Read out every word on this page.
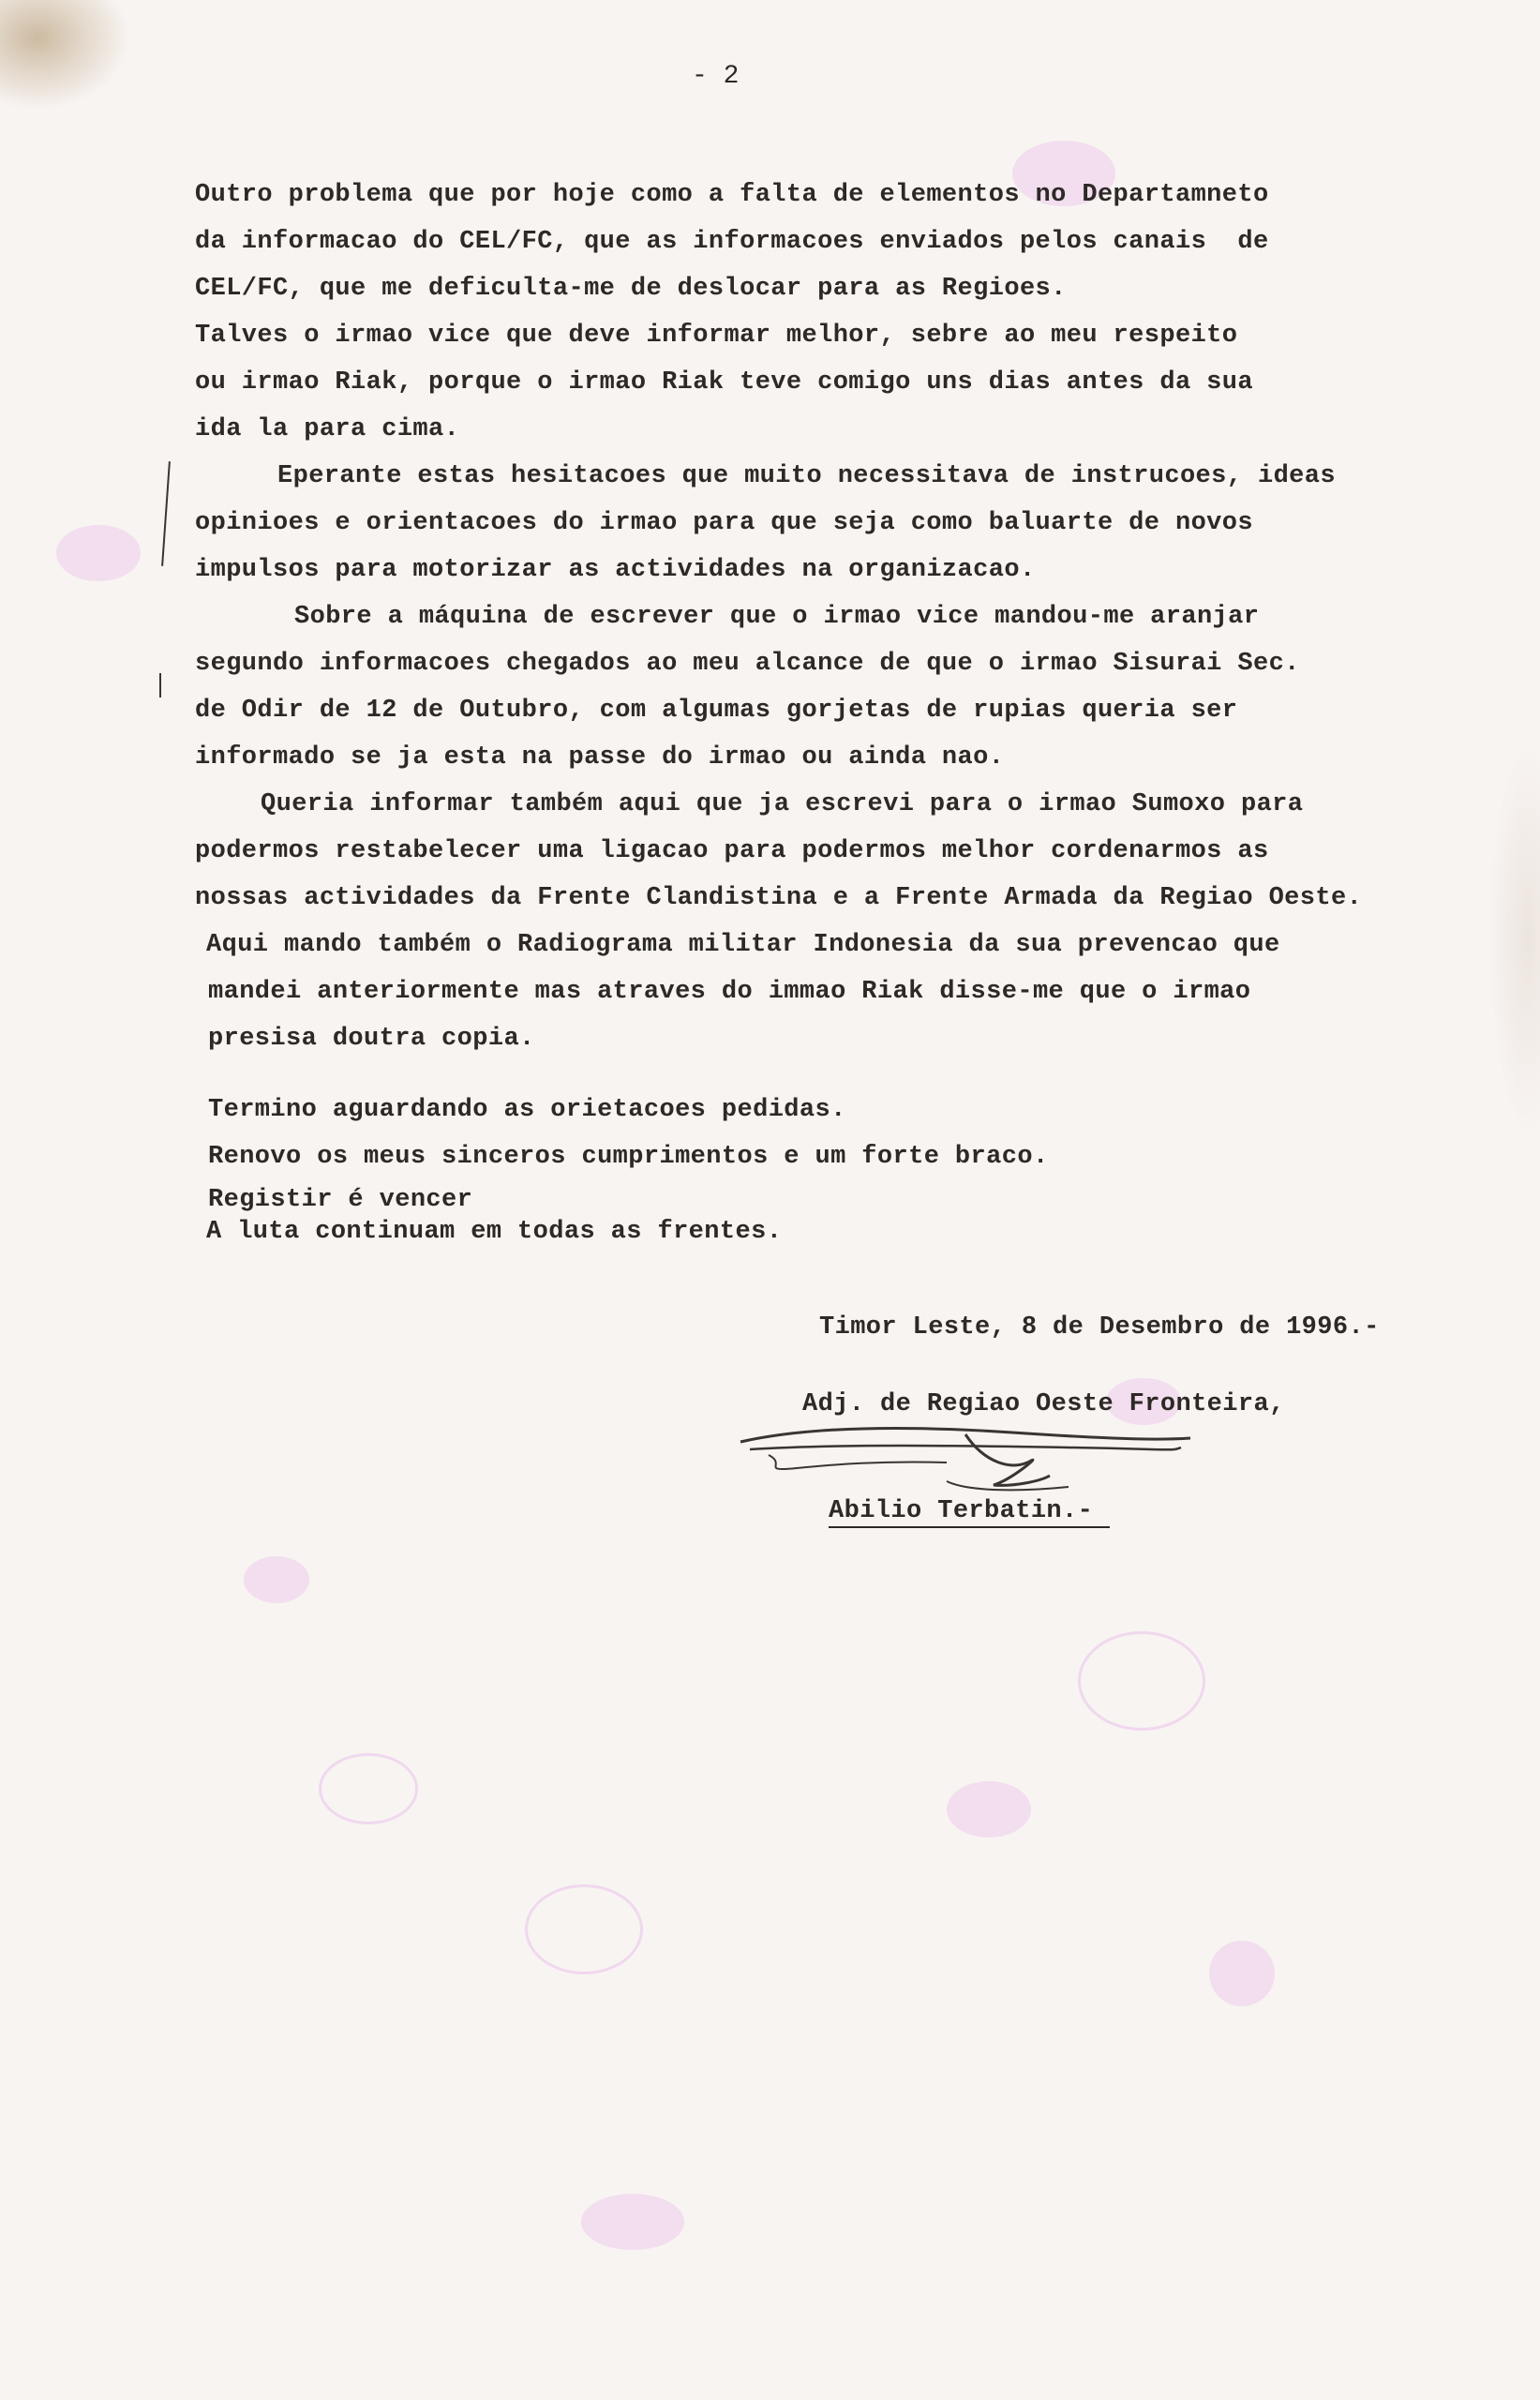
- 2
Outro problema que por hoje como a falta de elementos no Departamneto
da informacao do CEL/FC, que as informacoes enviados pelos canais  de
CEL/FC, que me deficulta-me de deslocar para as Regioes.
Talves o irmao vice que deve informar melhor, sebre ao meu respeito
ou irmao Riak, porque o irmao Riak teve comigo uns dias antes da sua
ida la para cima.
Eperante estas hesitacoes que muito necessitava de instrucoes, ideas
opinioes e orientacoes do irmao para que seja como baluarte de novos
impulsos para motorizar as actividades na organizacao.
Sobre a máquina de escrever que o irmao vice mandou-me aranjar
segundo informacoes chegados ao meu alcance de que o irmao Sisurai Sec.
de Odir de 12 de Outubro, com algumas gorjetas de rupias queria ser
informado se ja esta na passe do irmao ou ainda nao.
Queria informar também aqui que ja escrevi para o irmao Sumoxo para
podermos restabelecer uma ligacao para podermos melhor cordenarmos as
nossas actividades da Frente Clandistina e a Frente Armada da Regiao Oeste.
Aqui mando também o Radiograma militar Indonesia da sua prevencao que
mandei anteriormente mas atraves do immao Riak disse-me que o irmao
presisa doutra copia.
Termino aguardando as orietacoes pedidas.
Renovo os meus sinceros cumprimentos e um forte braco.
Registir é vencer
A luta continuam em todas as frentes.
Timor Leste, 8 de Desembro de 1996.-
Adj. de Regiao Oeste Fronteira,
Abilio Terbatin.-
